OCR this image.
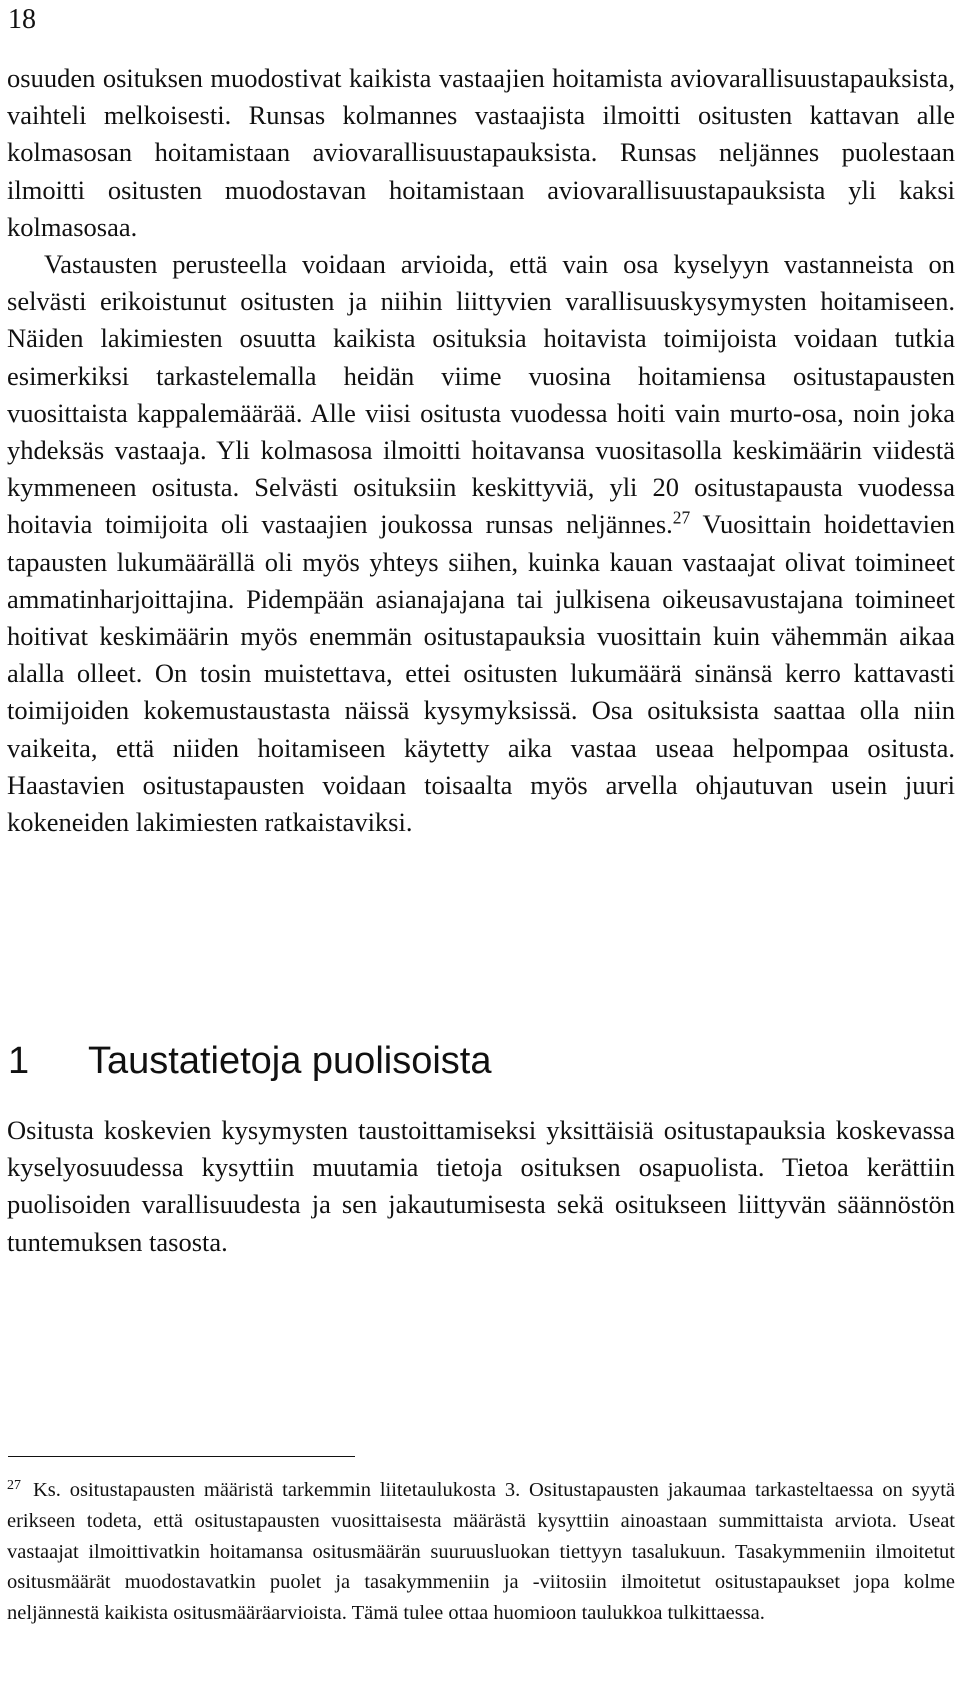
18

osuuden osituksen muodostivat kaikista vastaajien hoitamista aviovarallisuustapauksista, vaihteli melkoisesti. Runsas kolmannes vastaajista ilmoitti ositusten kattavan alle kolmasosan hoitamistaan aviovarallisuustapauksista. Runsas neljännes puolestaan ilmoitti ositusten muodostavan hoitamistaan aviovarallisuustapauksista yli kaksi kolmasosaa.

Vastausten perusteella voidaan arvioida, että vain osa kyselyyn vastanneista on selvästi erikoistunut ositusten ja niihin liittyvien varallisuuskysymysten hoitamiseen. Näiden lakimiesten osuutta kaikista osituksia hoitavista toimijoista voidaan tutkia esimerkiksi tarkastelemalla heidän viime vuosina hoitamiensa ositustapausten vuosittaista kappalemäärää. Alle viisi ositusta vuodessa hoiti vain murto-osa, noin joka yhdeksäs vastaaja. Yli kolmasosa ilmoitti hoitavansa vuositasolla keskimäärin viidestä kymmeneen ositusta. Selvästi osituksiin keskittyviä, yli 20 ositustapausta vuodessa hoitavia toimijoita oli vastaajien joukossa runsas neljännes.$^{27}$ Vuosittain hoidettavien tapausten lukumäärällä oli myös yhteys siihen, kuinka kauan vastaajat olivat toimineet ammatinharjoittajina. Pidempään asianajajana tai julkisena oikeusavustajana toimineet hoitivat keskimäärin myös enemmän ositustapauksia vuosittain kuin vähemmän aikaa alalla olleet. On tosin muistettava, ettei ositusten lukumäärä sinänsä kerro kattavasti toimijoiden kokemustaustasta näissä kysymyksissä. Osa osituksista saattaa olla niin vaikeita, että niiden hoitamiseen käytetty aika vastaa useaa helpompaa ositusta. Haastavien ositustapausten voidaan toisaalta myös arvella ohjautuvan usein juuri kokeneiden lakimiesten ratkaistaviksi.

1 Taustatietoja puolisoista

Ositusta koskevien kysymysten taustoittamiseksi yksittäisiä ositustapauksia koskevassa kyselyosuudessa kysyttiin muutamia tietoja osituksen osapuolista. Tietoa kerättiin puolisoiden varallisuudesta ja sen jakautumisesta sekä ositukseen liittyvän säännöstön tuntemuksen tasosta.

27 Ks. ositustapausten määristä tarkemmin liitetaulukosta 3. Ositustapausten jakaumaa tarkasteltaessa on syytä erikseen todeta, että ositustapausten vuosittaisesta määrästä kysyttiin ainoastaan summittaista arviota. Useat vastaajat ilmoittivatkin hoitamansa ositusmäärän suuruusluokan tiettyyn tasalukuun. Tasakymmeniin ilmoitetut ositusmäärät muodostavatkin puolet ja tasakymmeniin ja -viitosiin ilmoitetut ositustapaukset jopa kolme neljännestä kaikista ositusmääräarvioista. Tämä tulee ottaa huomioon taulukkoa tulkittaessa.
